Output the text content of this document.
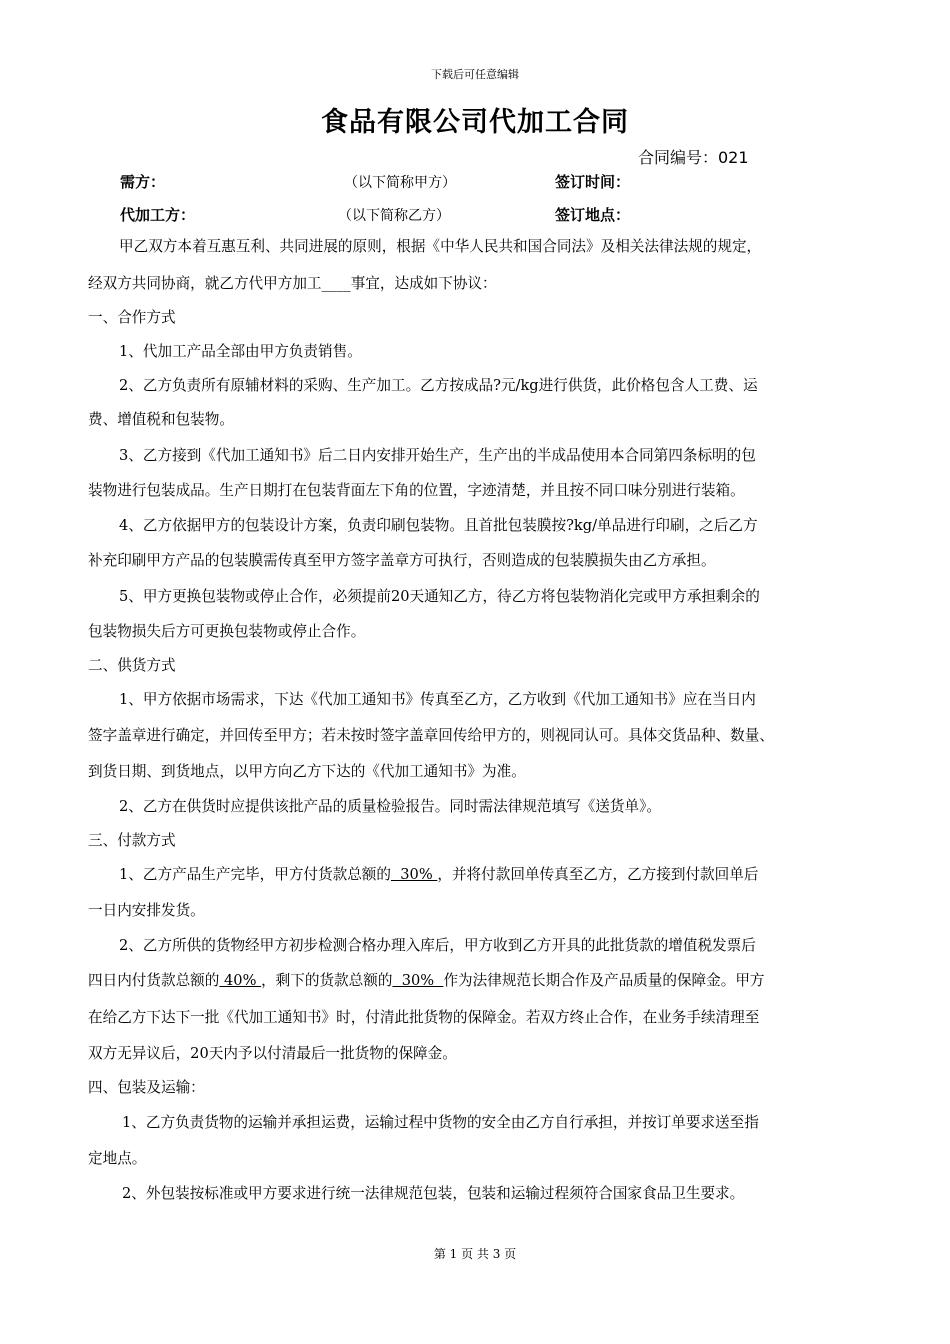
下载后可任意编辑
食品有限公司代加工合同
合同编号：021
需方：	（以下简称甲方）	签订时间：
代加工方：	（以下简称乙方）	签订地点：
甲乙双方本着互惠互利、共同进展的原则，根据《中华人民共和国合同法》及相关法律法规的规定，
经双方共同协商，就乙方代甲方加工____事宜，达成如下协议：
一、合作方式
1、代加工产品全部由甲方负责销售。
2、乙方负责所有原辅材料的采购、生产加工。乙方按成品?元/kg进行供货，此价格包含人工费、运
费、增值税和包装物。
3、乙方接到《代加工通知书》后二日内安排开始生产，生产出的半成品使用本合同第四条标明的包
装物进行包装成品。生产日期打在包装背面左下角的位置，字迹清楚，并且按不同口味分别进行装箱。
4、乙方依据甲方的包装设计方案，负责印刷包装物。且首批包装膜按?kg/单品进行印刷，之后乙方
补充印刷甲方产品的包装膜需传真至甲方签字盖章方可执行，否则造成的包装膜损失由乙方承担。
5、甲方更换包装物或停止合作，必须提前20天通知乙方，待乙方将包装物消化完或甲方承担剩余的
包装物损失后方可更换包装物或停止合作。
二、供货方式
1、甲方依据市场需求，下达《代加工通知书》传真至乙方，乙方收到《代加工通知书》应在当日内
签字盖章进行确定，并回传至甲方；若未按时签字盖章回传给甲方的，则视同认可。具体交货品种、数量、
到货日期、到货地点，以甲方向乙方下达的《代加工通知书》为准。
2、乙方在供货时应提供该批产品的质量检验报告。同时需法律规范填写《送货单》。
三、付款方式
1、乙方产品生产完毕，甲方付货款总额的  30% ，并将付款回单传真至乙方，乙方接到付款回单后
一日内安排发货。
2、乙方所供的货物经甲方初步检测合格办理入库后，甲方收到乙方开具的此批货款的增值税发票后
四日内付货款总额的 40% ，剩下的货款总额的  30%  作为法律规范长期合作及产品质量的保障金。甲方
在给乙方下达下一批《代加工通知书》时，付清此批货物的保障金。若双方终止合作，在业务手续清理至
双方无异议后，20天内予以付清最后一批货物的保障金。
四、包装及运输：
1、乙方负责货物的运输并承担运费，运输过程中货物的安全由乙方自行承担，并按订单要求送至指
定地点。
2、外包装按标准或甲方要求进行统一法律规范包装，包装和运输过程须符合国家食品卫生要求。
第 1 页 共 3 页
